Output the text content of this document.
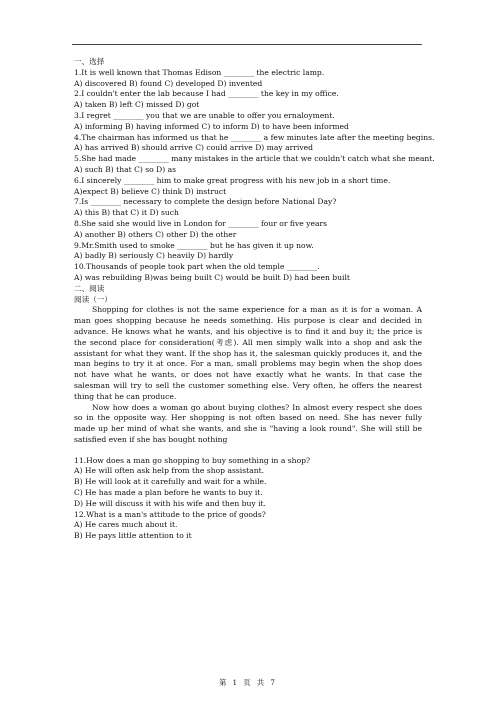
一、选择
1.It is well known that Thomas Edison ________ the electric lamp.
A) discovered B) found C) developed D) invented
2.I couldn't enter the lab because I had ________ the key in my office.
A) taken B) left C) missed D) got
3.I regret ________ you that we are unable to offer you ernaloyment.
A) informing B) having informed C) to inform D) to have been informed
4.The chairman has informed us that he ________ a few minutes late after the meeting begins.
A) has arrived B) should arrive C) could arrive D) may arrived
5.She had made ________ many mistakes in the article that we couldn't catch what she meant.
A) such B) that C) so D) as
6.I sincerely ________ him to make great progress with his new job in a short time.
A)expect B) believe C) think D) instruct
7.Is ________ necessary to complete the design before National Day?
A) this B) that C) it D) such
8.She said she would live in London for ________ four or five years
A) another B) others C) other D) the other
9.Mr.Smith used to smoke ________ but he has given it up now.
A) badly B) seriously C) heavily D) hardly
10.Thousands of people took part when the old temple ________.
A) was rebuilding B)was being built C) would be built D) had been built
二、阅读
阅读（一）

Shopping for clothes is not the same experience for a man as it is for a woman. A man goes shopping because he needs something. His purpose is clear and decided in advance. He knows what he wants, and his objective is to find it and buy it; the price is the second place for consideration(考虑). All men simply walk into a shop and ask the assistant for what they want. If the shop has it, the salesman quickly produces it, and the man begins to try it at once. For a man, small problems may begin when the shop does not have what he wants, or does not have exactly what he wants. In that case the salesman will try to sell the customer something else. Very often, he offers the nearest thing that he can produce.

Now how does a woman go about buying clothes? In almost every respect she does so in the opposite way. Her shopping is not often based on need. She has never fully made up her mind of what she wants, and she is "having a look round". She will still be satisfied even if she has bought nothing

11.How does a man go shopping to buy something in a shop?
A) He will often ask help from the shop assistant.
B) He will look at it carefully and wait for a while.
C) He has made a plan before he wants to buy it.
D) He will discuss it with his wife and then buy it.
12.What is a man's attitude to the price of goods?
A) He cares much about it.
B) He pays little attention to it
第 1 页 共 7
